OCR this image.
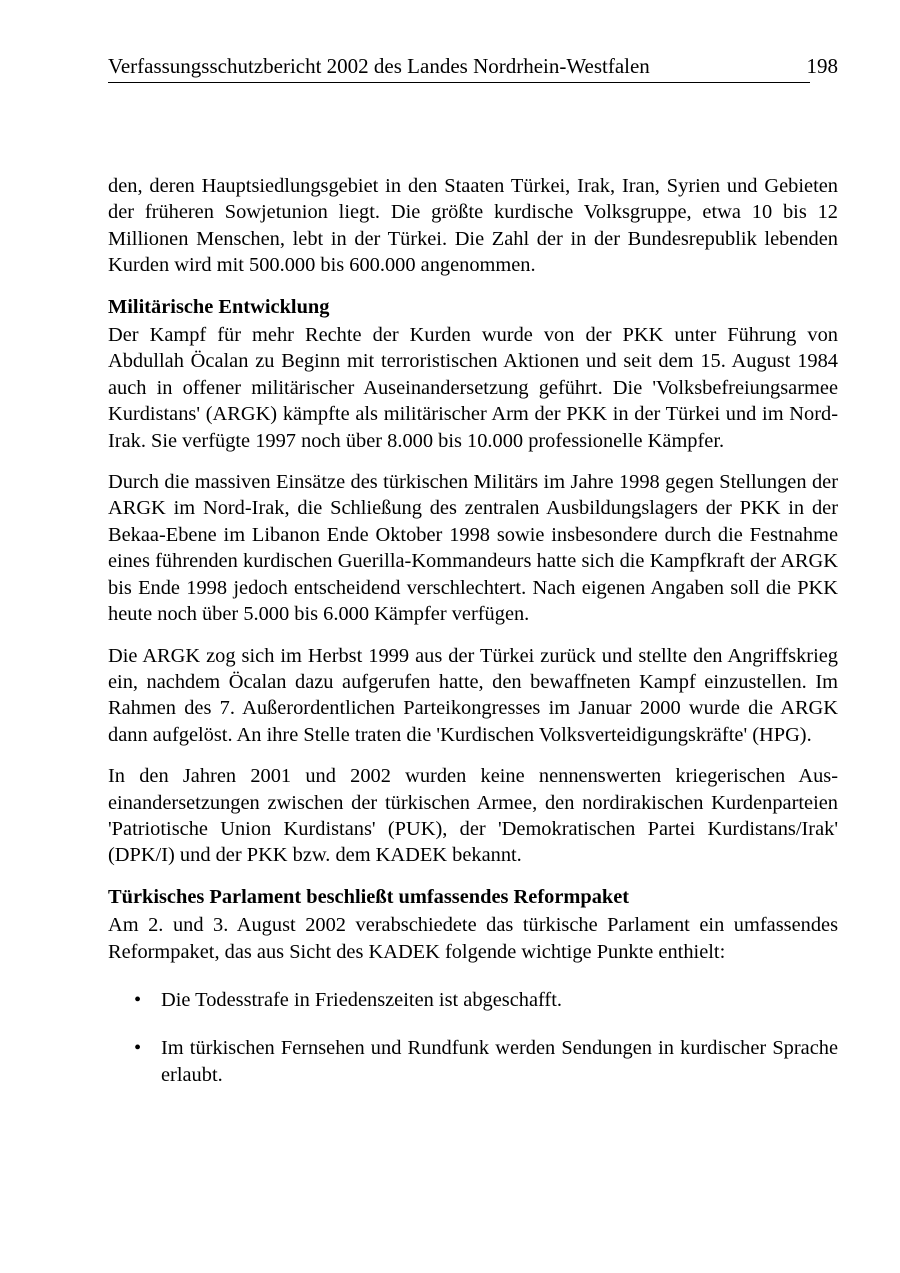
Verfassungsschutzbericht 2002 des Landes Nordrhein-Westfalen	198

den, deren Hauptsiedlungsgebiet in den Staaten Türkei, Irak, Iran, Syrien und Gebieten der früheren Sowjetunion liegt. Die größte kurdische Volksgruppe, etwa 10 bis 12 Millionen Menschen, lebt in der Türkei. Die Zahl der in der Bundesrepublik lebenden Kurden wird mit 500.000 bis 600.000 angenommen.

Militärische Entwicklung

Der Kampf für mehr Rechte der Kurden wurde von der PKK unter Führung von Abdullah Öcalan zu Beginn mit terroristischen Aktionen und seit dem 15. August 1984 auch in offener militärischer Auseinandersetzung geführt. Die 'Volksbefreiungsarmee Kurdistans' (ARGK) kämpfte als militärischer Arm der PKK in der Türkei und im Nord-Irak. Sie verfügte 1997 noch über 8.000 bis 10.000 professionelle Kämpfer.

Durch die massiven Einsätze des türkischen Militärs im Jahre 1998 gegen Stellungen der ARGK im Nord-Irak, die Schließung des zentralen Ausbildungslagers der PKK in der Bekaa-Ebene im Libanon Ende Oktober 1998 sowie insbesondere durch die Festnahme eines führenden kurdischen Guerilla-Kommandeurs hatte sich die Kampfkraft der ARGK bis Ende 1998 jedoch entscheidend verschlechtert. Nach eigenen Angaben soll die PKK heute noch über 5.000 bis 6.000 Kämpfer verfügen.

Die ARGK zog sich im Herbst 1999 aus der Türkei zurück und stellte den Angriffskrieg ein, nachdem Öcalan dazu aufgerufen hatte, den bewaffneten Kampf einzustellen. Im Rahmen des 7. Außerordentlichen Parteikongresses im Januar 2000 wurde die ARGK dann aufgelöst. An ihre Stelle traten die 'Kurdischen Volksverteidigungskräfte' (HPG).

In den Jahren 2001 und 2002 wurden keine nennenswerten kriegerischen Auseinandersetzungen zwischen der türkischen Armee, den nordirakischen Kurdenparteien 'Patriotische Union Kurdistans' (PUK), der 'Demokratischen Partei Kurdistans/Irak' (DPK/I) und der PKK bzw. dem KADEK bekannt.

Türkisches Parlament beschließt umfassendes Reformpaket

Am 2. und 3. August 2002 verabschiedete das türkische Parlament ein umfassendes Reformpaket, das aus Sicht des KADEK folgende wichtige Punkte enthielt:

• Die Todesstrafe in Friedenszeiten ist abgeschafft.
• Im türkischen Fernsehen und Rundfunk werden Sendungen in kurdischer Sprache erlaubt.
